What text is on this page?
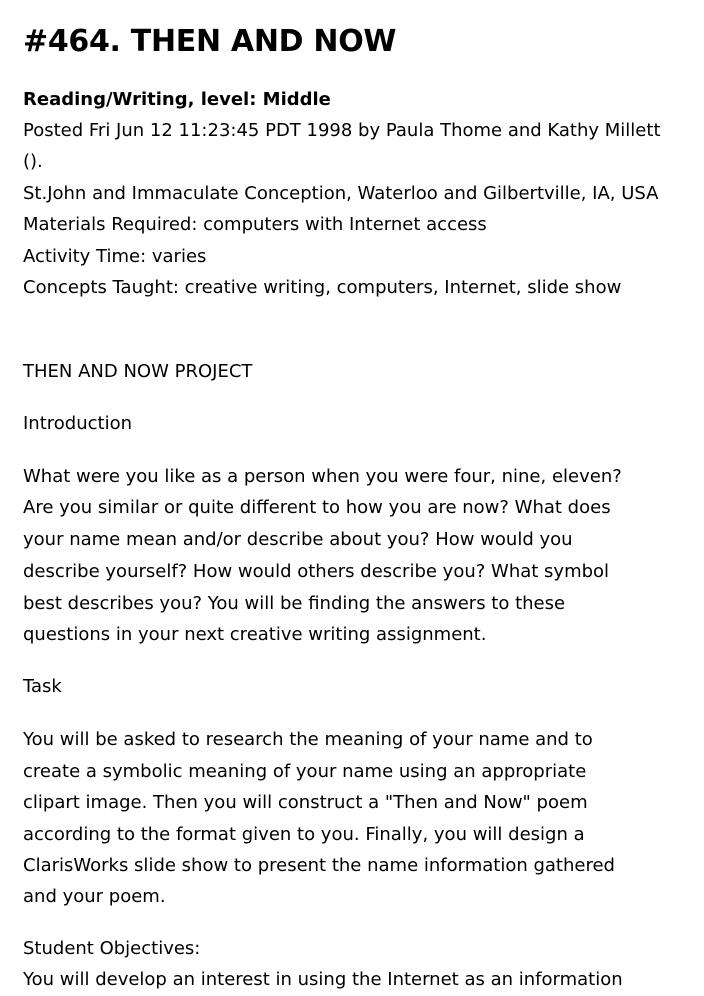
#464. THEN AND NOW
Reading/Writing, level: Middle
Posted Fri Jun 12 11:23:45 PDT 1998 by Paula Thome and Kathy Millett
().
St.John and Immaculate Conception, Waterloo and Gilbertville, IA, USA
Materials Required: computers with Internet access
Activity Time: varies
Concepts Taught: creative writing, computers, Internet, slide show
THEN AND NOW PROJECT
Introduction
What were you like as a person when you were four, nine, eleven?
Are you similar or quite different to how you are now? What does
your name mean and/or describe about you? How would you
describe yourself? How would others describe you? What symbol
best describes you? You will be finding the answers to these
questions in your next creative writing assignment.
Task
You will be asked to research the meaning of your name and to
create a symbolic meaning of your name using an appropriate
clipart image. Then you will construct a "Then and Now" poem
according to the format given to you. Finally, you will design a
ClarisWorks slide show to present the name information gathered
and your poem.
Student Objectives:
You will develop an interest in using the Internet as an information
